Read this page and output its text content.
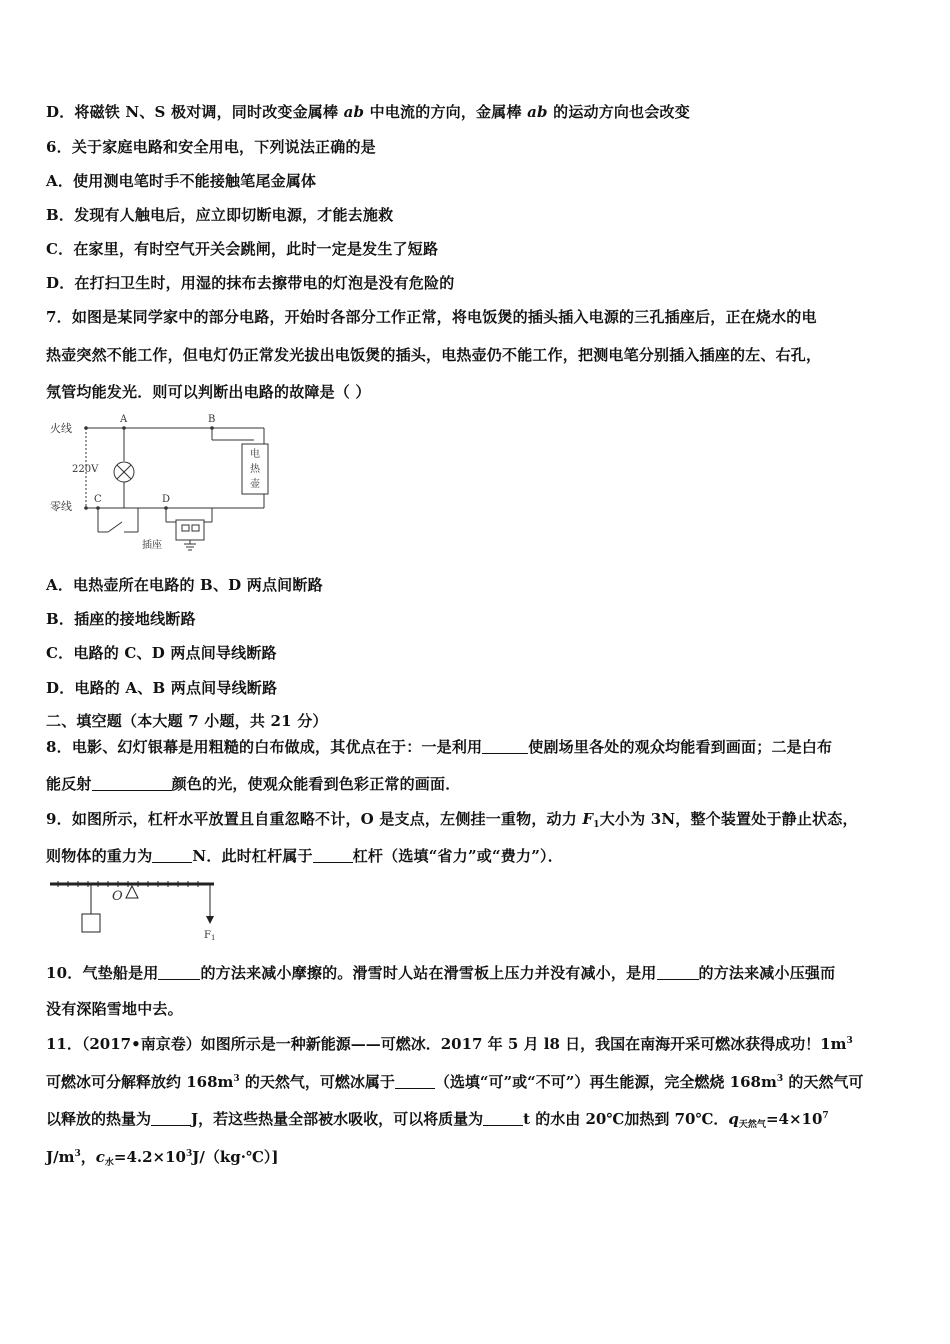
D．将磁铁 N、S 极对调，同时改变金属棒 ab 中电流的方向，金属棒 ab 的运动方向也会改变
6．关于家庭电路和安全用电，下列说法正确的是
A．使用测电笔时手不能接触笔尾金属体
B．发现有人触电后，应立即切断电源，才能去施救
C．在家里，有时空气开关会跳闸，此时一定是发生了短路
D．在打扫卫生时，用湿的抹布去擦带电的灯泡是没有危险的
7．如图是某同学家中的部分电路，开始时各部分工作正常，将电饭煲的插头插入电源的三孔插座后，正在烧水的电
热壶突然不能工作，但电灯仍正常发光拔出电饭煲的插头，电热壶仍不能工作，把测电笔分别插入插座的左、右孔，
氖管均能发光．则可以判断出电路的故障是（ ）
火线
零线
220V
A	B
C	D
电
热
壶
插座
A．电热壶所在电路的 B、D 两点间断路
B．插座的接地线断路
C．电路的 C、D 两点间导线断路
D．电路的 A、B 两点间导线断路
二、填空题（本大题 7 小题，共 21 分）
8．电影、幻灯银幕是用粗糙的白布做成，其优点在于：一是利用	使剧场里各处的观众均能看到画面；二是白布
能反射	颜色的光，使观众能看到色彩正常的画面．
9．如图所示，杠杆水平放置且自重忽略不计，O 是支点，左侧挂一重物，动力 $F_1$大小为 3N，整个装置处于静止状态，
则物体的重力为	N．此时杠杆属于	杠杆（选填“省力”或“费力”）．
O
F 1
10．气垫船是用	的方法来减小摩擦的。滑雪时人站在滑雪板上压力并没有减小，是用	的方法来减小压强而
没有深陷雪地中去。
11．（2017•南京卷）如图所示是一种新能源——可燃冰．2017 年 5 月 l8 日，我国在南海开采可燃冰获得成功！$1m^3$
可燃冰可分解释放约 $168m^3$ 的天然气，可燃冰属于	（选填“可”或“不可”）再生能源，完全燃烧 $168m^3$ 的天然气可
以释放的热量为	J，若这些热量全部被水吸收，可以将质量为	t 的水由 20℃加热到 70℃．$q_{天然气}=4\times 10^7$
$J/m^3$，$c_水=4.2\times 10^3J/(kg\cdot℃)$]
